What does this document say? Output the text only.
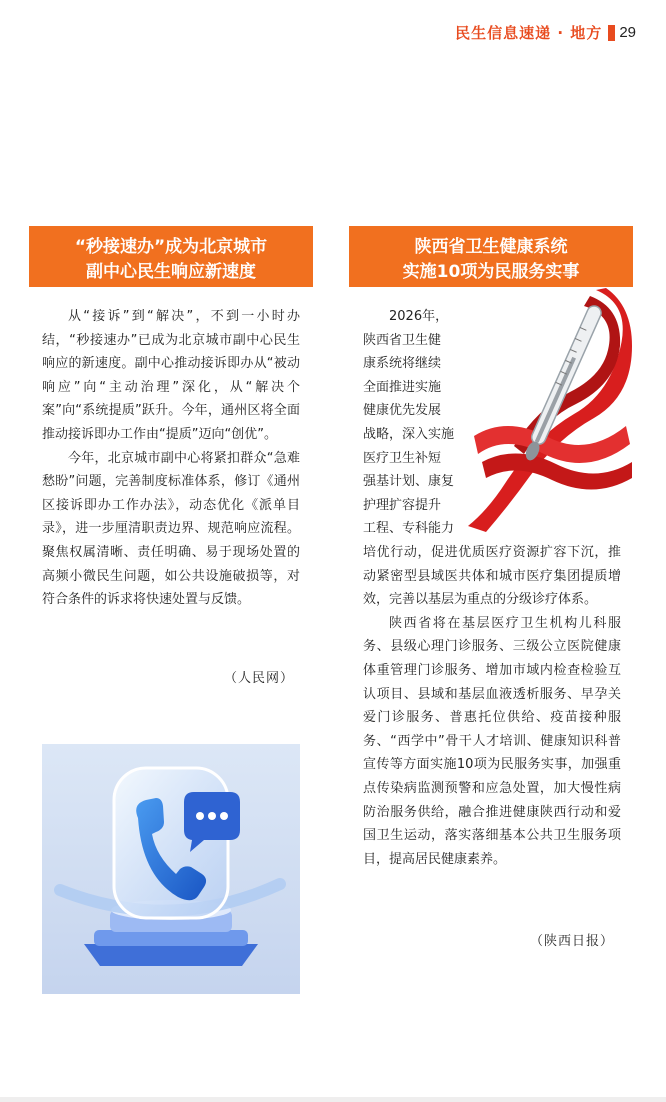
民生信息速递 · 地方 29
“秒接速办”成为北京城市
副中心民生响应新速度

从“接诉”到“解决”，不到一小时办结，“秒接速办”已成为北京城市副中心民生响应的新速度。副中心推动接诉即办从“被动响应”向“主动治理”深化，从“解决个案”向“系统提质”跃升。今年，通州区将全面推动接诉即办工作由“提质”迈向“创优”。

今年，北京城市副中心将紧扣群众“急难愁盼”问题，完善制度标准体系，修订《通州区接诉即办工作办法》，动态优化《派单目录》，进一步厘清职责边界、规范响应流程。聚焦权属清晰、责任明确、易于现场处置的高频小微民生问题，如公共设施破损等，对符合条件的诉求将快速处置与反馈。

（人民网）
陕西省卫生健康系统
实施10项为民服务实事

2026年，

陕西省卫生健

康系统将继续

全面推进实施

健康优先发展

战略，深入实施

医疗卫生补短

强基计划、康复

护理扩容提升

工程、专科能力

培优行动，促进优质医疗资源扩容下沉，推动紧密型县域医共体和城市医疗集团提质增效，完善以基层为重点的分级诊疗体系。

陕西省将在基层医疗卫生机构儿科服务、县级心理门诊服务、三级公立医院健康体重管理门诊服务、增加市域内检查检验互认项目、县域和基层血液透析服务、早孕关爱门诊服务、普惠托位供给、疫苗接种服务、“西学中”骨干人才培训、健康知识科普宣传等方面实施10项为民服务实事，加强重点传染病监测预警和应急处置，加大慢性病防治服务供给，融合推进健康陕西行动和爱国卫生运动，落实落细基本公共卫生服务项目，提高居民健康素养。

（陕西日报）
